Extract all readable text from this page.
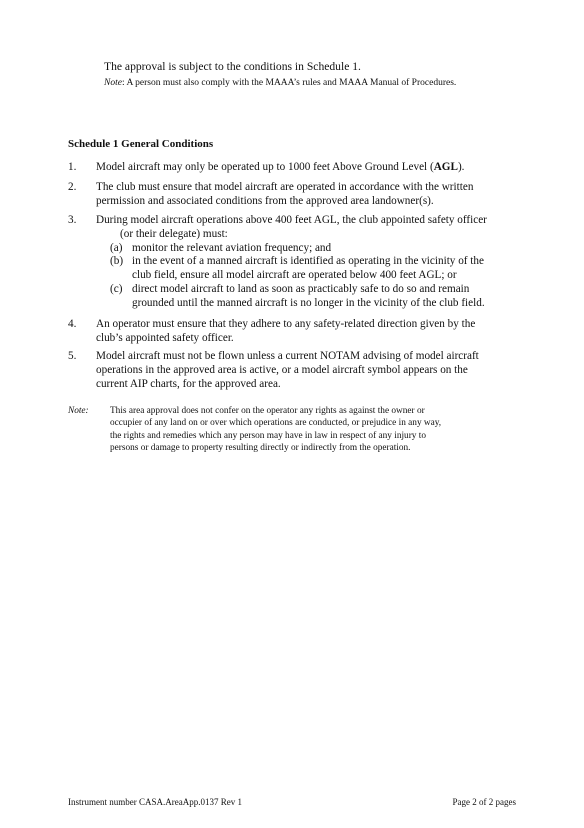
The approval is subject to the conditions in Schedule 1.
Note: A person must also comply with the MAAA’s rules and MAAA Manual of Procedures.
Schedule 1 General Conditions
1. Model aircraft may only be operated up to 1000 feet Above Ground Level (AGL).
2. The club must ensure that model aircraft are operated in accordance with the written
permission and associated conditions from the approved area landowner(s).
3. During model aircraft operations above 400 feet AGL, the club appointed safety officer
(or their delegate) must:
(a) monitor the relevant aviation frequency; and
(b) in the event of a manned aircraft is identified as operating in the vicinity of the
club field, ensure all model aircraft are operated below 400 feet AGL; or
(c) direct model aircraft to land as soon as practicably safe to do so and remain
grounded until the manned aircraft is no longer in the vicinity of the club field.
4. An operator must ensure that they adhere to any safety-related direction given by the
club’s appointed safety officer.
5. Model aircraft must not be flown unless a current NOTAM advising of model aircraft
operations in the approved area is active, or a model aircraft symbol appears on the
current AIP charts, for the approved area.
Note: This area approval does not confer on the operator any rights as against the owner or
occupier of any land on or over which operations are conducted, or prejudice in any way,
the rights and remedies which any person may have in law in respect of any injury to
persons or damage to property resulting directly or indirectly from the operation.
Instrument number CASA.AreaApp.0137 Rev 1	Page 2 of 2 pages
